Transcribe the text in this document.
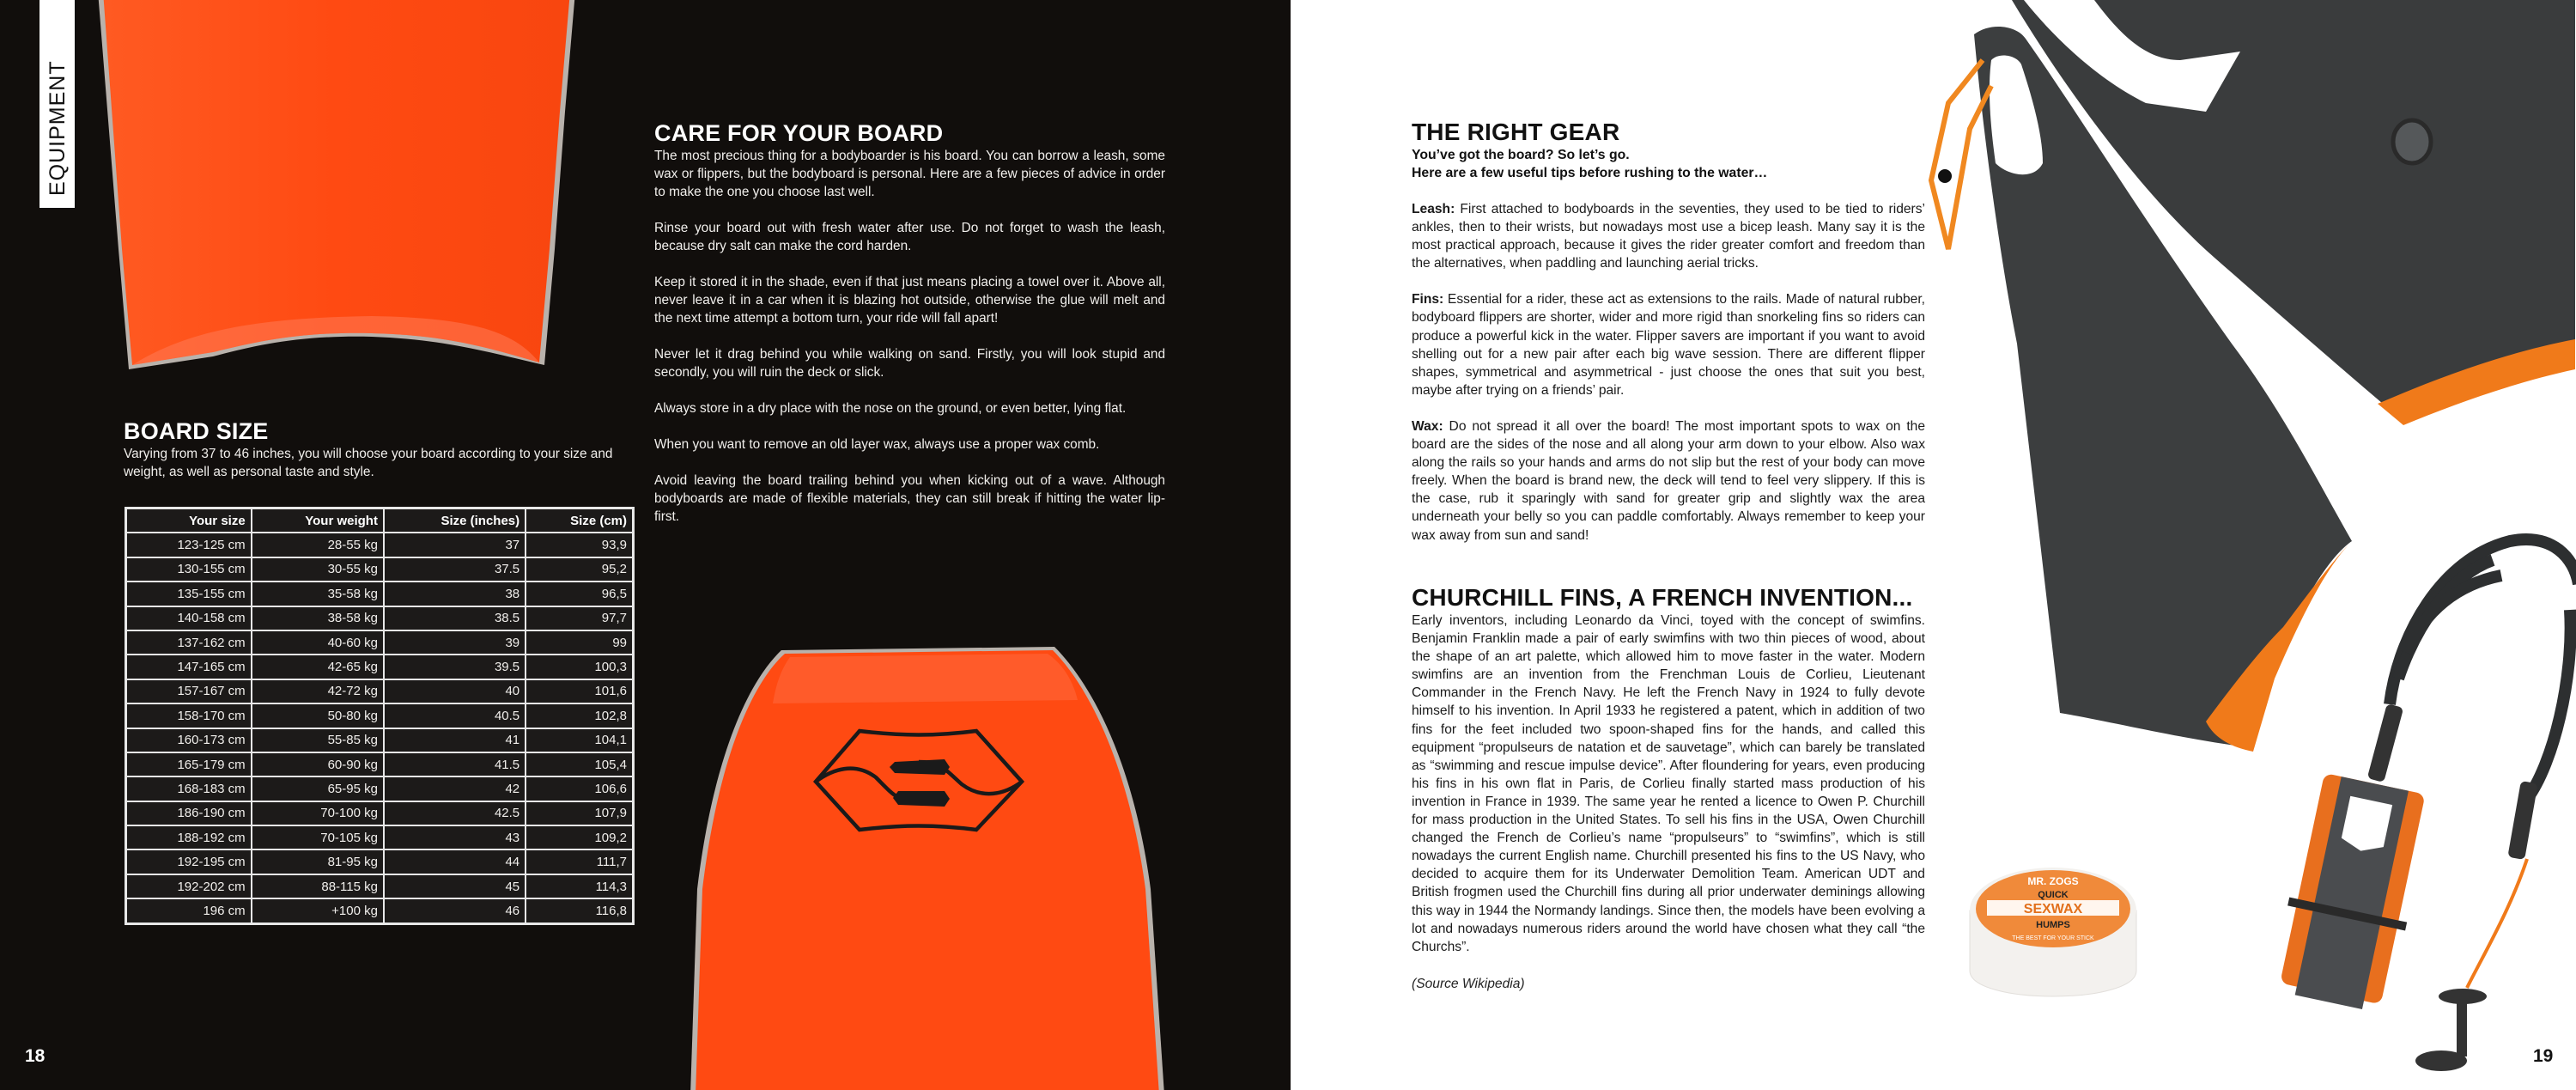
EQUIPMENT
BOARD SIZE

Varying from 37 to 46 inches, you will choose your board according to your size and weight, as well as personal taste and style.

Your size	Your weight	Size (inches)	Size (cm)
123-125 cm	28-55 kg	37	93,9
130-155 cm	30-55 kg	37.5	95,2
135-155 cm	35-58 kg	38	96,5
140-158 cm	38-58 kg	38.5	97,7
137-162 cm	40-60 kg	39	99
147-165 cm	42-65 kg	39.5	100,3
157-167 cm	42-72 kg	40	101,6
158-170 cm	50-80 kg	40.5	102,8
160-173 cm	55-85 kg	41	104,1
165-179 cm	60-90 kg	41.5	105,4
168-183 cm	65-95 kg	42	106,6
186-190 cm	70-100 kg	42.5	107,9
188-192 cm	70-105 kg	43	109,2
192-195 cm	81-95 kg	44	111,7
192-202 cm	88-115 kg	45	114,3
196 cm	+100 kg	46	116,8
CARE FOR YOUR BOARD

The most precious thing for a bodyboarder is his board. You can borrow a leash, some wax or flippers, but the bodyboard is personal. Here are a few pieces of advice in order to make the one you choose last well.

Rinse your board out with fresh water after use. Do not forget to wash the leash, because dry salt can make the cord harden.

Keep it stored it in the shade, even if that just means placing a towel over it. Above all, never leave it in a car when it is blazing hot outside, otherwise the glue will melt and the next time attempt a bottom turn, your ride will fall apart!

Never let it drag behind you while walking on sand. Firstly, you will look stupid and secondly, you will ruin the deck or slick.

Always store in a dry place with the nose on the ground, or even better, lying flat.

When you want to remove an old layer wax, always use a proper wax comb.

Avoid leaving the board trailing behind you when kicking out of a wave. Although bodyboards are made of flexible materials, they can still break if hitting the water lip-first.

18
THE RIGHT GEAR
You’ve got the board? So let’s go.
Here are a few useful tips before rushing to the water…

Leash: First attached to bodyboards in the seventies, they used to be tied to riders’ ankles, then to their wrists, but nowadays most use a bicep leash. Many say it is the most practical approach, because it gives the rider greater comfort and freedom than the alternatives, when paddling and launching aerial tricks.

Fins: Essential for a rider, these act as extensions to the rails. Made of natural rubber, bodyboard flippers are shorter, wider and more rigid than snorkeling fins so riders can produce a powerful kick in the water. Flipper savers are important if you want to avoid shelling out for a new pair after each big wave session. There are different flipper shapes, symmetrical and asymmetrical - just choose the ones that suit you best, maybe after trying on a friends’ pair.

Wax: Do not spread it all over the board! The most important spots to wax on the board are the sides of the nose and all along your arm down to your elbow. Also wax along the rails so your hands and arms do not slip but the rest of your body can move freely. When the board is brand new, the deck will tend to feel very slippery. If this is the case, rub it sparingly with sand for greater grip and slightly wax the area underneath your belly so you can paddle comfortably. Always remember to keep your wax away from sun and sand!

CHURCHILL FINS, A FRENCH INVENTION...

Early inventors, including Leonardo da Vinci, toyed with the concept of swimfins. Benjamin Franklin made a pair of early swimfins with two thin pieces of wood, about the shape of an art palette, which allowed him to move faster in the water. Modern swimfins are an invention from the Frenchman Louis de Corlieu, Lieutenant Commander in the French Navy. He left the French Navy in 1924 to fully devote himself to his invention. In April 1933 he registered a patent, which in addition of two fins for the feet included two spoon-shaped fins for the hands, and called this equipment “propulseurs de natation et de sauvetage”, which can barely be translated as “swimming and rescue impulse device”. After floundering for years, even producing his fins in his own flat in Paris, de Corlieu finally started mass production of his invention in France in 1939. The same year he rented a licence to Owen P. Churchill for mass production in the United States. To sell his fins in the USA, Owen Churchill changed the French de Corlieu’s name “propulseurs” to “swimfins”, which is still nowadays the current English name. Churchill presented his fins to the US Navy, who decided to acquire them for its Underwater Demolition Team. American UDT and British frogmen used the Churchill fins during all prior underwater deminings allowing this way in 1944 the Normandy landings. Since then, the models have been evolving a lot and nowadays numerous riders around the world have chosen what they call “the Churchs”.

(Source Wikipedia)
MR. ZOGS
QUICK
SEXWAX
HUMPS
THE BEST FOR YOUR STICK
19
